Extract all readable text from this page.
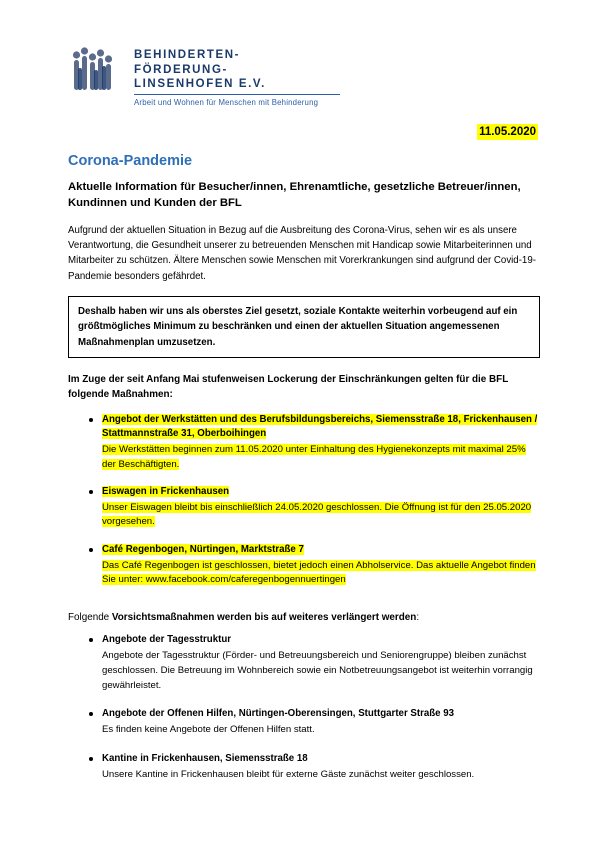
BEHINDERTEN-
FÖRDERUNG-
LINSENHOFEN E.V.
Arbeit und Wohnen für Menschen mit Behinderung
11.05.2020
Corona-Pandemie
Aktuelle Information für Besucher/innen, Ehrenamtliche, gesetzliche Betreuer/innen, Kundinnen und Kunden der BFL

Aufgrund der aktuellen Situation in Bezug auf die Ausbreitung des Corona-Virus, sehen wir es als unsere Verantwortung, die Gesundheit unserer zu betreuenden Menschen mit Handicap sowie Mitarbeiterinnen und Mitarbeiter zu schützen. Ältere Menschen sowie Menschen mit Vorerkrankungen sind aufgrund der Covid-19-Pandemie besonders gefährdet.

Deshalb haben wir uns als oberstes Ziel gesetzt, soziale Kontakte weiterhin vorbeugend auf ein größtmögliches Minimum zu beschränken und einen der aktuellen Situation angemessenen Maßnahmenplan umzusetzen.

Im Zuge der seit Anfang Mai stufenweisen Lockerung der Einschränkungen gelten für die BFL folgende Maßnahmen:

Angebot der Werkstätten und des Berufsbildungsbereichs, Siemensstraße 18, Frickenhausen / Stattmannstraße 31, Oberboihingen
Die Werkstätten beginnen zum 11.05.2020 unter Einhaltung des Hygienekonzepts mit maximal 25% der Beschäftigten.
Eiswagen in Frickenhausen
Unser Eiswagen bleibt bis einschließlich 24.05.2020 geschlossen. Die Öffnung ist für den 25.05.2020 vorgesehen.
Café Regenbogen, Nürtingen, Marktstraße 7
Das Café Regenbogen ist geschlossen, bietet jedoch einen Abholservice. Das aktuelle Angebot finden Sie unter: www.facebook.com/caferegenbogennuertingen

Folgende Vorsichtsmaßnahmen werden bis auf weiteres verlängert werden:

Angebote der Tagesstruktur
Angebote der Tagesstruktur (Förder- und Betreuungsbereich und Seniorengruppe) bleiben zunächst geschlossen. Die Betreuung im Wohnbereich sowie ein Notbetreuungsangebot ist weiterhin vorrangig gewährleistet.
Angebote der Offenen Hilfen, Nürtingen-Oberensingen, Stuttgarter Straße 93
Es finden keine Angebote der Offenen Hilfen statt.
Kantine in Frickenhausen, Siemensstraße 18
Unsere Kantine in Frickenhausen bleibt für externe Gäste zunächst weiter geschlossen.
